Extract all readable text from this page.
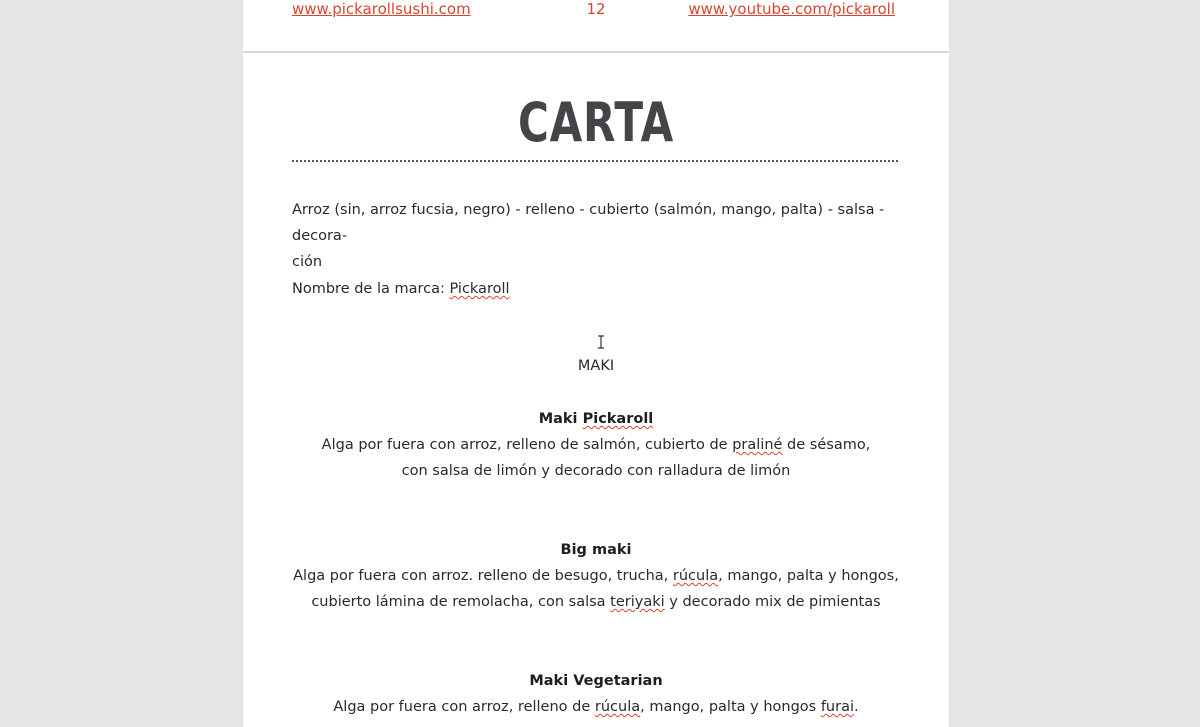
www.pickarollsushi.com	12	www.youtube.com/pickaroll
CARTA
Arroz (sin, arroz fucsia, negro) - relleno - cubierto (salmón, mango, palta) - salsa - decora-
ción
Nombre de la marca: Pickaroll
MAKI
Maki Pickaroll
Alga por fuera con arroz, relleno de salmón, cubierto de praliné de sésamo,
con salsa de limón y decorado con ralladura de limón
Big maki
Alga por fuera con arroz. relleno de besugo, trucha, rúcula, mango, palta y hongos,
cubierto lámina de remolacha, con salsa teriyaki y decorado mix de pimientas
Maki Vegetarian
Alga por fuera con arroz, relleno de rúcula, mango, palta y hongos furai.
